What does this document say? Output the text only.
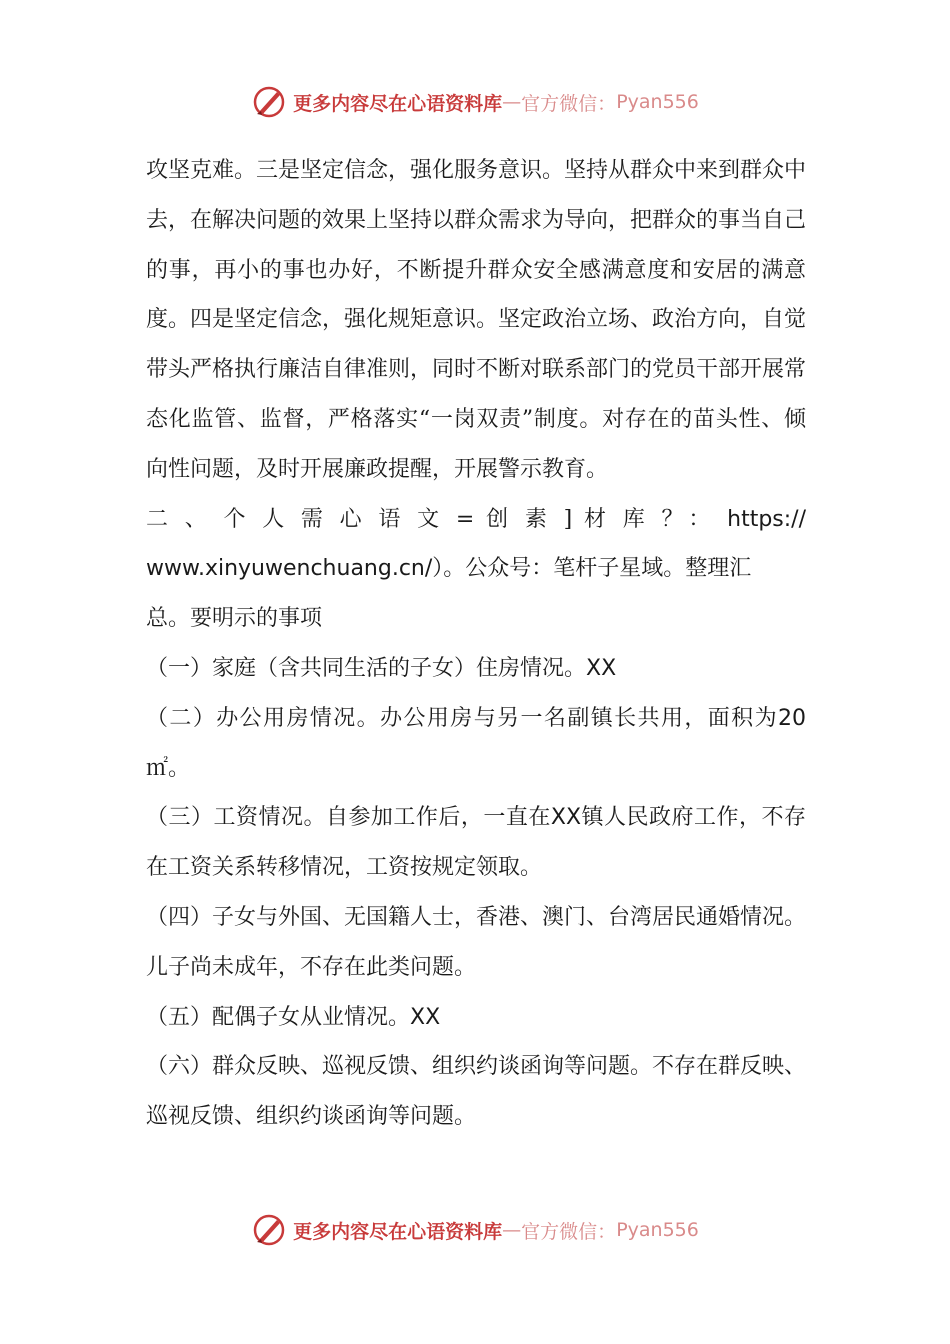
更多内容尽在心语资料库 — 官方微信： Pyan556

攻坚克难。三是坚定信念，强化服务意识。坚持从群众中来到群众中去，在解决问题的效果上坚持以群众需求为导向，把群众的事当自己的事，再小的事也办好，不断提升群众安全感满意度和安居的满意度。四是坚定信念，强化规矩意识。坚定政治立场、政治方向，自觉带头严格执行廉洁自律准则，同时不断对联系部门的党员干部开展常态化监管、监督，严格落实“一岗双责”制度。对存在的苗头性、倾向性问题，及时开展廉政提醒，开展警示教育。

二 、 个 人 需 心 语 文 = 创 素 ] 材 库 ？： https://

www.xinyuwenchuang.cn/）。公众号：笔杆子星域。整理汇

总。要明示的事项

（一）家庭（含共同生活的子女）住房情况。XX

（二）办公用房情况。办公用房与另一名副镇长共用，面积为20㎡。

（三）工资情况。自参加工作后，一直在XX镇人民政府工作，不存在工资关系转移情况，工资按规定领取。

（四）子女与外国、无国籍人士，香港、澳门、台湾居民通婚情况。儿子尚未成年，不存在此类问题。

（五）配偶子女从业情况。XX

（六）群众反映、巡视反馈、组织约谈函询等问题。不存在群反映、巡视反馈、组织约谈函询等问题。

更多内容尽在心语资料库 — 官方微信： Pyan556
